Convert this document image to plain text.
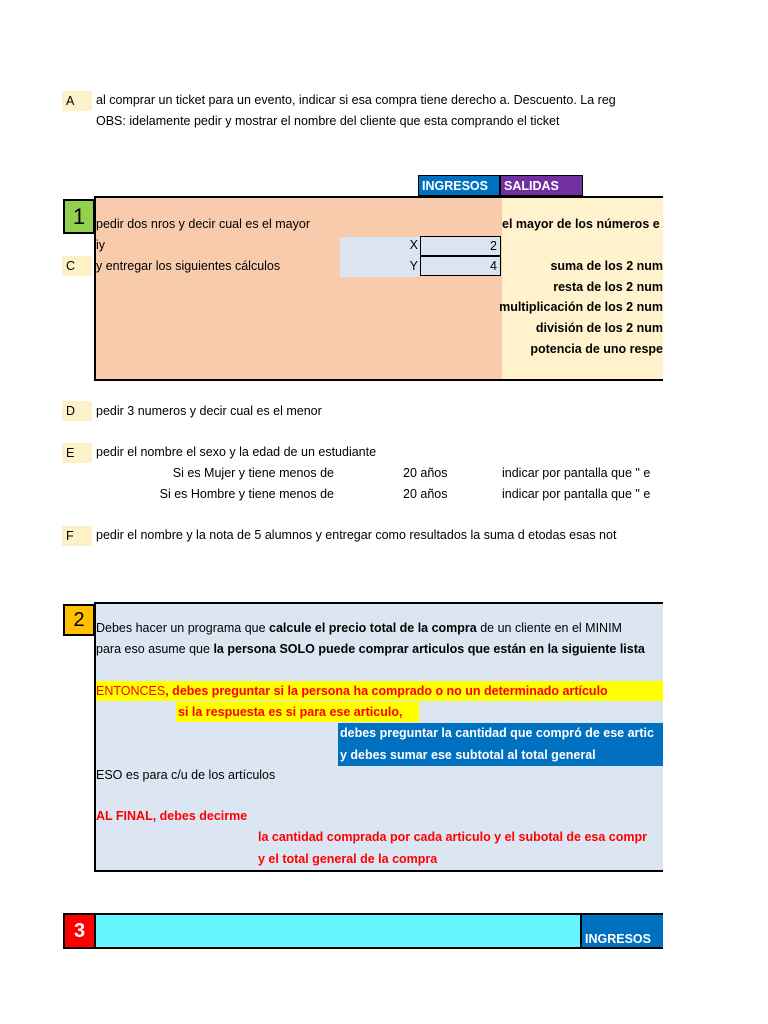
A	al comprar un ticket para un evento, indicar si esa compra tiene derecho a. Descuento. La reg
OBS: idelamente pedir y mostrar el nombre del cliente que esta comprando el ticket
INGRESOS	SALIDAS
1 pedir dos nros y decir cual es el mayor
iy
C	y entregar los siguientes cálculos
X	2
Y	4
el mayor de los números e
suma de los 2 num
resta de los 2 num
multiplicación de los 2 num
división de los 2 num
potencia de uno respe
D	pedir 3 numeros y decir cual es el menor
E	pedir el nombre el sexo y la edad de un estudiante
Si es Mujer y tiene menos de	20 años	indicar por pantalla que " e
Si es Hombre y tiene menos de	20 años	indicar por pantalla que " e
F	pedir el nombre y la nota de 5 alumnos y entregar como resultados la suma d etodas esas not
2 Debes hacer un programa que calcule el precio total de la compra de un cliente en el MINIM
para eso asume que la persona SOLO puede comprar articulos que están en la siguiente lista
ENTONCES, debes preguntar si la persona ha comprado o no un determinado artículo
si la respuesta es si para ese articulo,
debes preguntar la cantidad que compró de ese artic
y debes sumar ese subtotal al total general
ESO es para c/u de los artículos
AL FINAL, debes decirme
la cantidad comprada por cada articulo y el subotal de esa compr
y el total general de la compra
3	INGRESOS
